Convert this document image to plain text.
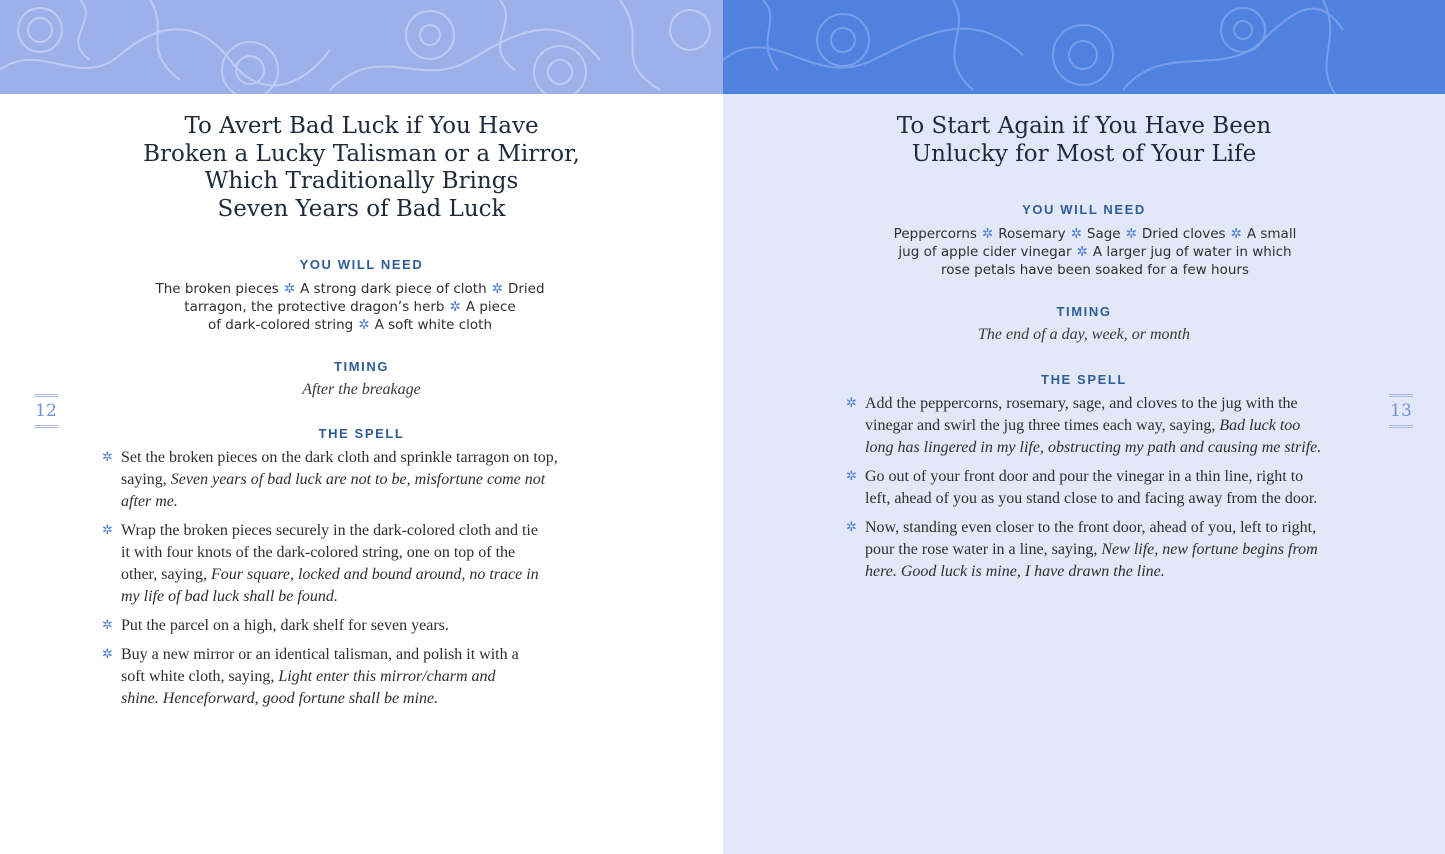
To Avert Bad Luck if You Have
Broken a Lucky Talisman or a Mirror,
Which Traditionally Brings
Seven Years of Bad Luck
YOU WILL NEED
The broken pieces ✲ A strong dark piece of cloth ✲ Dried
tarragon, the protective dragon’s herb ✲ A piece
of dark-colored string ✲ A soft white cloth
TIMING
After the breakage
THE SPELL
✲ Set the broken pieces on the dark cloth and sprinkle tarragon on top, saying, Seven years of bad luck are not to be, misfortune come not after me.
✲ Wrap the broken pieces securely in the dark-colored cloth and tie it with four knots of the dark-colored string, one on top of the other, saying, Four square, locked and bound around, no trace in my life of bad luck shall be found.
✲ Put the parcel on a high, dark shelf for seven years.
✲ Buy a new mirror or an identical talisman, and polish it with a soft white cloth, saying, Light enter this mirror/charm and shine. Henceforward, good fortune shall be mine.
12
To Start Again if You Have Been
Unlucky for Most of Your Life
YOU WILL NEED
Peppercorns ✲ Rosemary ✲ Sage ✲ Dried cloves ✲ A small
jug of apple cider vinegar ✲ A larger jug of water in which
rose petals have been soaked for a few hours
TIMING
The end of a day, week, or month
THE SPELL
✲ Add the peppercorns, rosemary, sage, and cloves to the jug with the vinegar and swirl the jug three times each way, saying, Bad luck too long has lingered in my life, obstructing my path and causing me strife.
✲ Go out of your front door and pour the vinegar in a thin line, right to left, ahead of you as you stand close to and facing away from the door.
✲ Now, standing even closer to the front door, ahead of you, left to right, pour the rose water in a line, saying, New life, new fortune begins from here. Good luck is mine, I have drawn the line.
13
